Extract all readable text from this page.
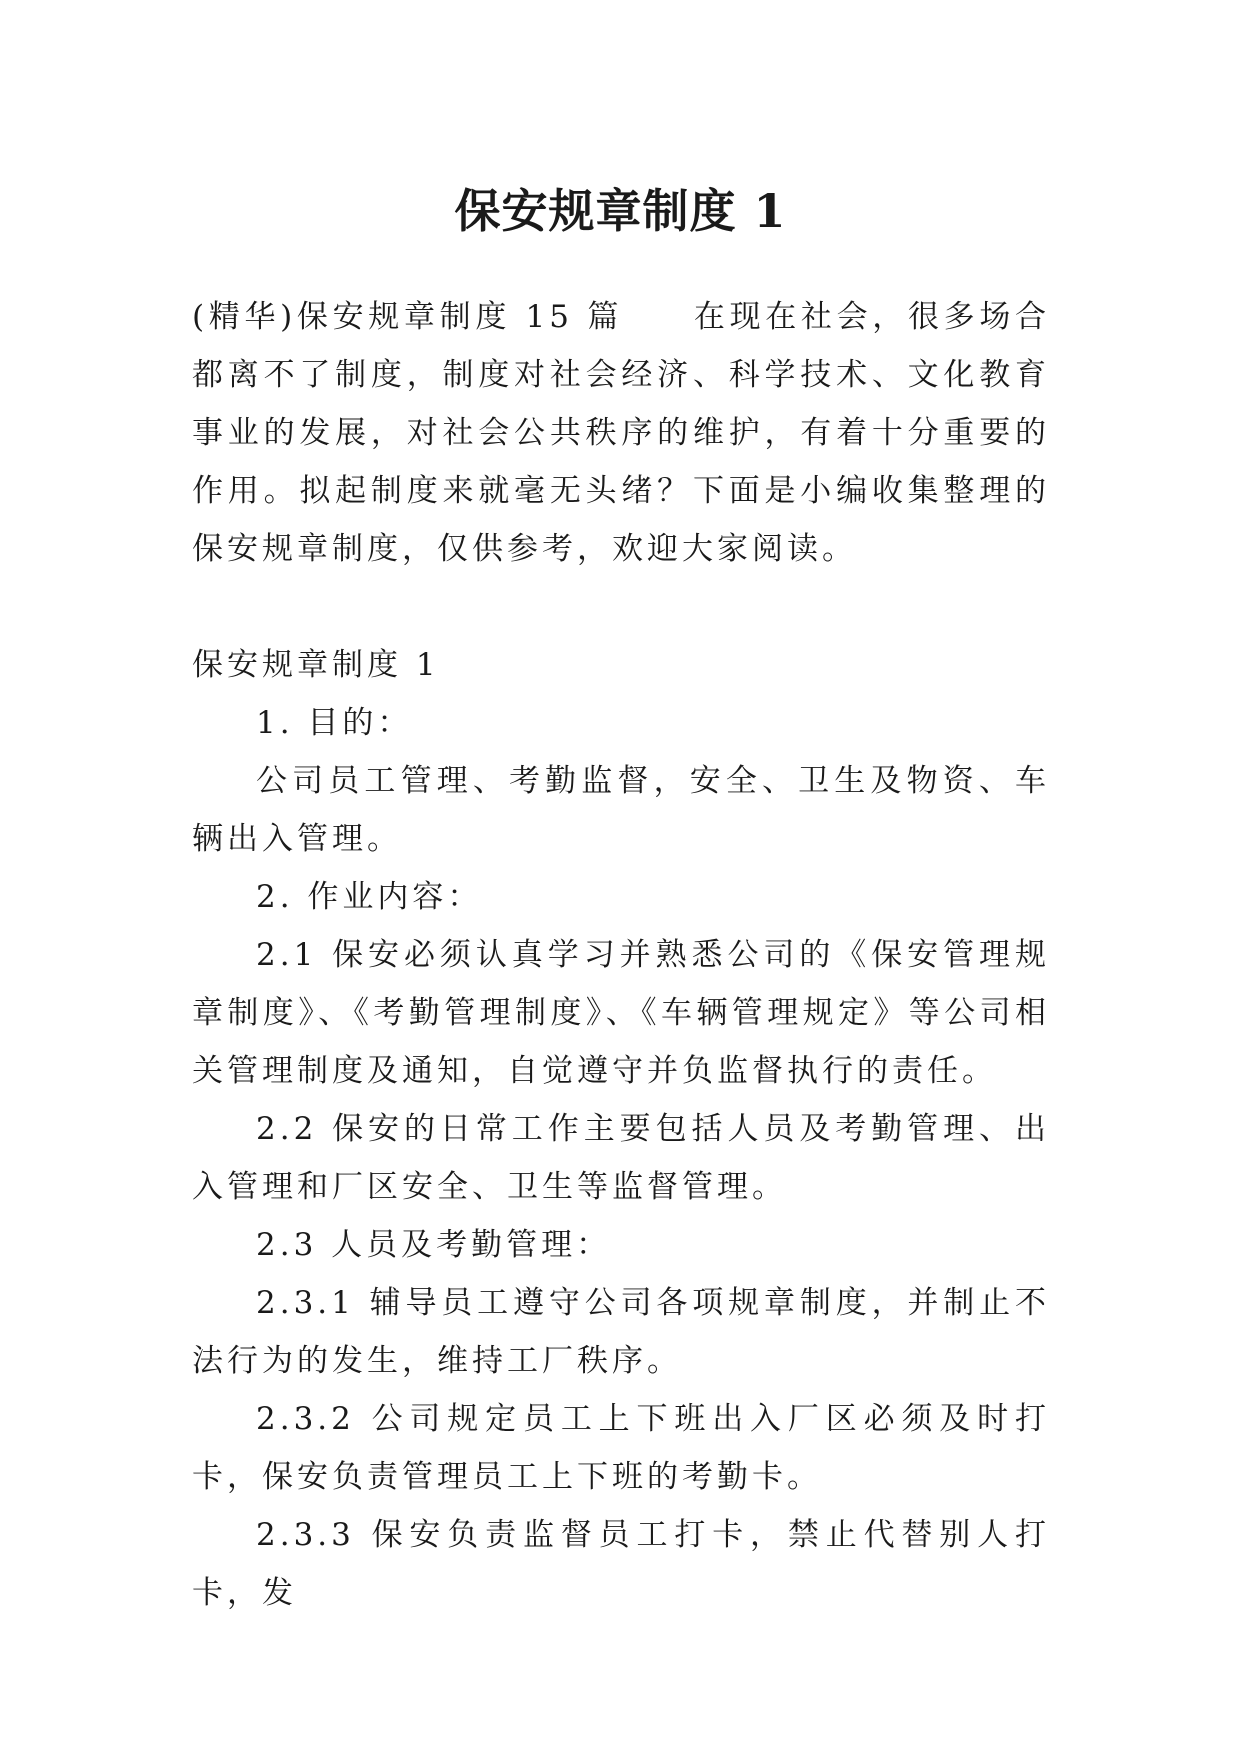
保安规章制度 1

(精华)保安规章制度 15 篇 在现在社会，很多场合都离不了制度，制度对社会经济、科学技术、文化教育事业的发展，对社会公共秩序的维护，有着十分重要的作用。拟起制度来就毫无头绪？下面是小编收集整理的保安规章制度，仅供参考，欢迎大家阅读。

保安规章制度 1

1. 目的：

公司员工管理、考勤监督，安全、卫生及物资、车辆出入管理。

2. 作业内容：

2.1 保安必须认真学习并熟悉公司的《保安管理规章制度》、《考勤管理制度》、《车辆管理规定》等公司相关管理制度及通知，自觉遵守并负监督执行的责任。

2.2 保安的日常工作主要包括人员及考勤管理、出入管理和厂区安全、卫生等监督管理。

2.3 人员及考勤管理：

2.3.1 辅导员工遵守公司各项规章制度，并制止不法行为的发生，维持工厂秩序。

2.3.2 公司规定员工上下班出入厂区必须及时打卡，保安负责管理员工上下班的考勤卡。

2.3.3 保安负责监督员工打卡，禁止代替别人打卡，发
